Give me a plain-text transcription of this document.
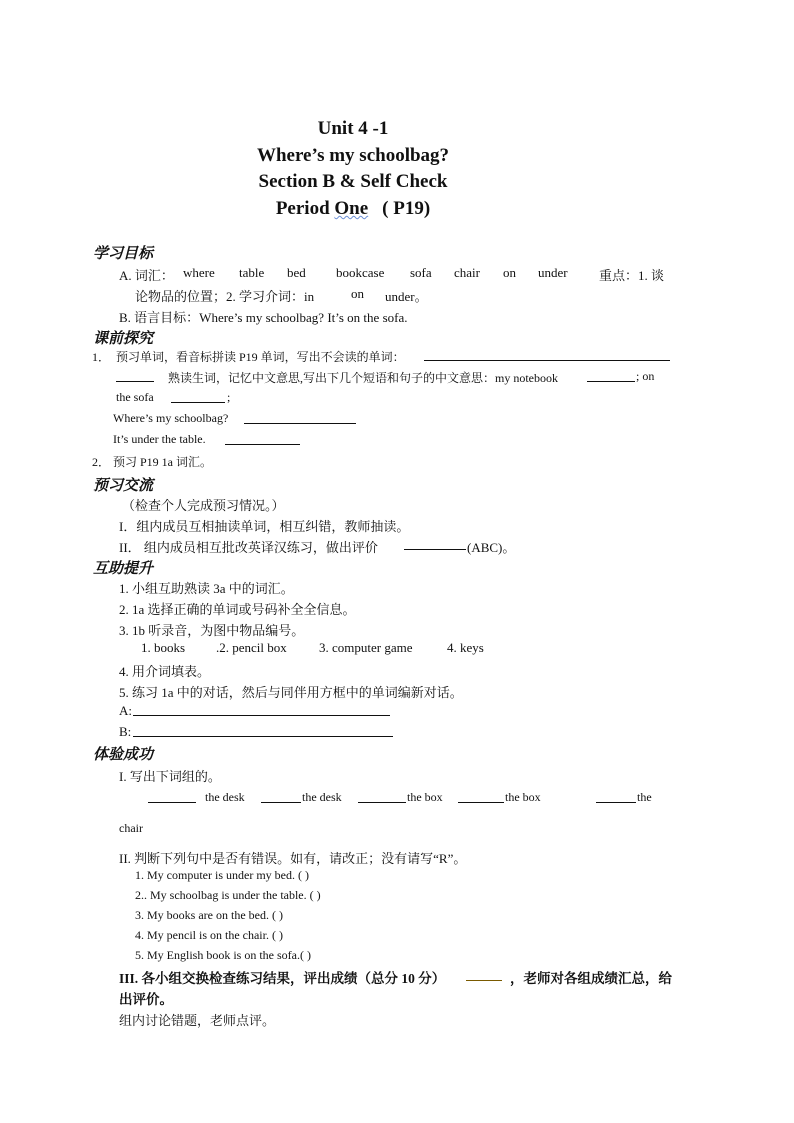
Unit 4 -1
Where’s my schoolbag?
Section B & Self Check
Period One ( P19)
学习目标
A. 词汇： where table bed bookcase sofa chair on under 重点：1. 谈
论物品的位置；2. 学习介词：in	on under。
B. 语言目标：Where’s my schoolbag? It’s on the sofa.
课前探究
1． 预习单词，看音标拼读 P19 单词，写出不会读的单词：
熟读生词，记忆中文意思,写出下几个短语和句子的中文意思：my notebook	; on
the sofa	;
Where’s my schoolbag?
It’s under the table.
2． 预习 P19 1a 词汇。
预习交流
（检查个人完成预习情况。）
I．组内成员互相抽读单词，相互纠错，教师抽读。
II． 组内成员相互批改英译汉练习，做出评价	(ABC)。
互助提升
1. 小组互助熟读 3a 中的词汇。
2. 1a 选择正确的单词或号码补全全信息。
3. 1b 听录音，为图中物品编号。
1. books .2. pencil box 3. computer game	4. keys
4. 用介词填表。
5. 练习 1a 中的对话，然后与同伴用方框中的单词编新对话。
A:
B:
体验成功
I. 写出下词组的。
the desk	the desk	the box	the box	the
chair
II. 判断下列句中是否有错误。如有，请改正；没有请写“R”。
1. My computer is under my bed. ( )
2.. My schoolbag is under the table. ( )
3. My books are on the bed. ( )
4. My pencil is on the chair. ( )
5. My English book is on the sofa.( )
III. 各小组交换检查练习结果，评出成绩（总分 10 分）	，老师对各组成绩汇总，给
出评价。
组内讨论错题，老师点评。
